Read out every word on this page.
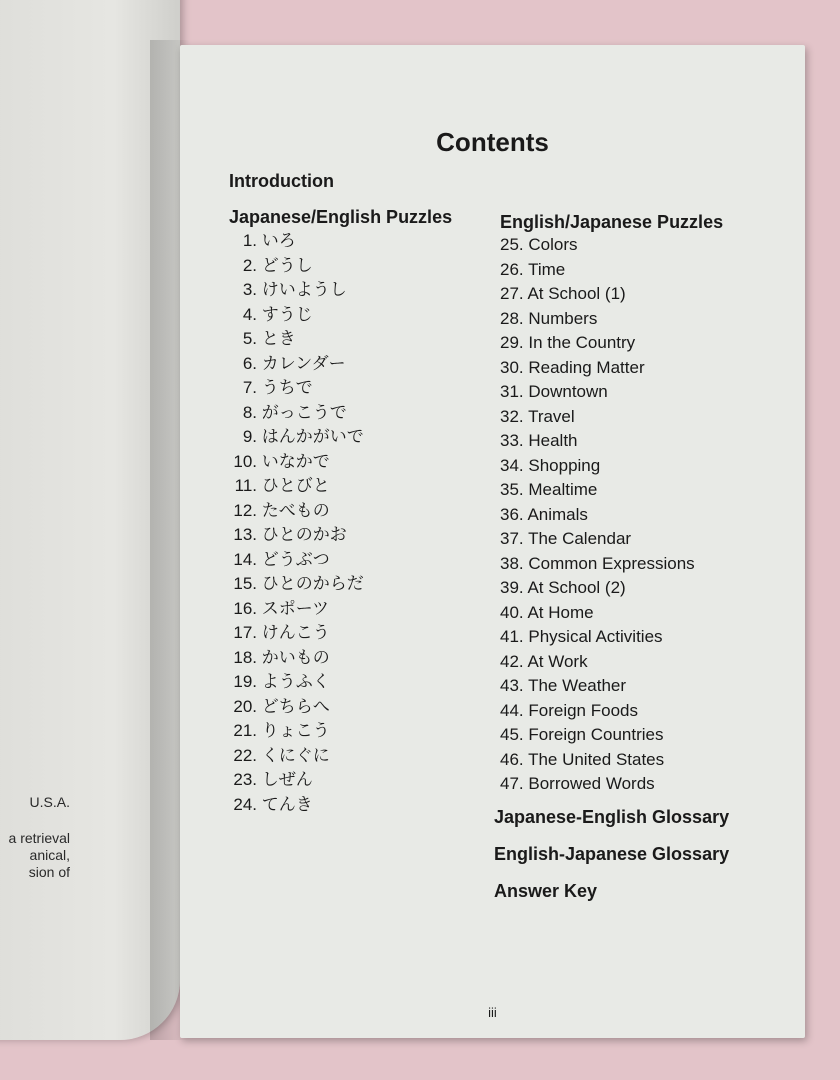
U.S.A.
a retrieval
anical,
sion of
Contents
Introduction
Japanese/English Puzzles
1. いろ
2. どうし
3. けいようし
4. すうじ
5. とき
6. カレンダー
7. うちで
8. がっこうで
9. はんかがいで
10. いなかで
11. ひとびと
12. たべもの
13. ひとのかお
14. どうぶつ
15. ひとのからだ
16. スポーツ
17. けんこう
18. かいもの
19. ようふく
20. どちらへ
21. りょこう
22. くにぐに
23. しぜん
24. てんき
English/Japanese Puzzles
25. Colors
26. Time
27. At School (1)
28. Numbers
29. In the Country
30. Reading Matter
31. Downtown
32. Travel
33. Health
34. Shopping
35. Mealtime
36. Animals
37. The Calendar
38. Common Expressions
39. At School (2)
40. At Home
41. Physical Activities
42. At Work
43. The Weather
44. Foreign Foods
45. Foreign Countries
46. The United States
47. Borrowed Words
Japanese-English Glossary
English-Japanese Glossary
Answer Key
iii
